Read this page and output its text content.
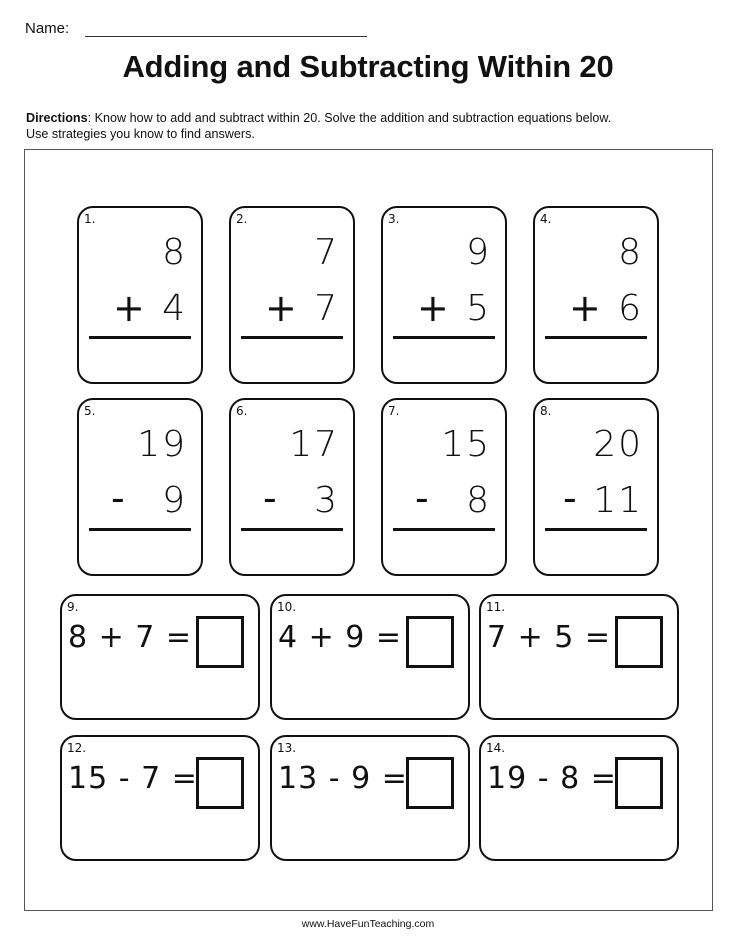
Name:
Adding and Subtracting Within 20
Directions: Know how to add and subtract within 20. Solve the addition and subtraction equations below.
Use strategies you know to find answers.
1.
8
+ 4
2.
7
+ 7
3.
9
+ 5
4.
8
+ 6
5.
19
- 9
6.
17
- 3
7.
15
- 8
8.
20
- 11
9.
8 + 7 =
10.
4 + 9 =
11.
7 + 5 =
12.
15 - 7 =
13.
13 - 9 =
14.
19 - 8 =
www.HaveFunTeaching.com
